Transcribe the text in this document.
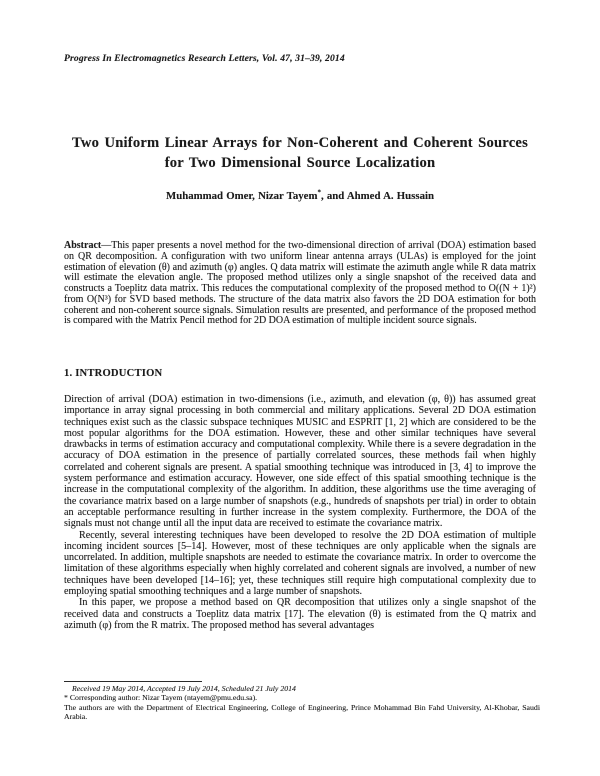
Progress In Electromagnetics Research Letters, Vol. 47, 31–39, 2014
Two Uniform Linear Arrays for Non-Coherent and Coherent Sources
for Two Dimensional Source Localization
Muhammad Omer, Nizar Tayem*, and Ahmed A. Hussain
Abstract—This paper presents a novel method for the two-dimensional direction of arrival (DOA) estimation based on QR decomposition. A configuration with two uniform linear antenna arrays (ULAs) is employed for the joint estimation of elevation (θ) and azimuth (φ) angles. Q data matrix will estimate the azimuth angle while R data matrix will estimate the elevation angle. The proposed method utilizes only a single snapshot of the received data and constructs a Toeplitz data matrix. This reduces the computational complexity of the proposed method to O((N + 1)²) from O(N³) for SVD based methods. The structure of the data matrix also favors the 2D DOA estimation for both coherent and non-coherent source signals. Simulation results are presented, and performance of the proposed method is compared with the Matrix Pencil method for 2D DOA estimation of multiple incident source signals.
1. INTRODUCTION

Direction of arrival (DOA) estimation in two-dimensions (i.e., azimuth, and elevation (φ, θ)) has assumed great importance in array signal processing in both commercial and military applications. Several 2D DOA estimation techniques exist such as the classic subspace techniques MUSIC and ESPRIT [1, 2] which are considered to be the most popular algorithms for the DOA estimation. However, these and other similar techniques have several drawbacks in terms of estimation accuracy and computational complexity. While there is a severe degradation in the accuracy of DOA estimation in the presence of partially correlated sources, these methods fail when highly correlated and coherent signals are present. A spatial smoothing technique was introduced in [3, 4] to improve the system performance and estimation accuracy. However, one side effect of this spatial smoothing technique is the increase in the computational complexity of the algorithm. In addition, these algorithms use the time averaging of the covariance matrix based on a large number of snapshots (e.g., hundreds of snapshots per trial) in order to obtain an acceptable performance resulting in further increase in the system complexity. Furthermore, the DOA of the signals must not change until all the input data are received to estimate the covariance matrix.

Recently, several interesting techniques have been developed to resolve the 2D DOA estimation of multiple incoming incident sources [5–14]. However, most of these techniques are only applicable when the signals are uncorrelated. In addition, multiple snapshots are needed to estimate the covariance matrix. In order to overcome the limitation of these algorithms especially when highly correlated and coherent signals are involved, a number of new techniques have been developed [14–16]; yet, these techniques still require high computational complexity due to employing spatial smoothing techniques and a large number of snapshots.

In this paper, we propose a method based on QR decomposition that utilizes only a single snapshot of the received data and constructs a Toeplitz data matrix [17]. The elevation (θ) is estimated from the Q matrix and azimuth (φ) from the R matrix. The proposed method has several advantages

Received 19 May 2014, Accepted 19 July 2014, Scheduled 21 July 2014
* Corresponding author: Nizar Tayem (ntayem@pmu.edu.sa).
The authors are with the Department of Electrical Engineering, College of Engineering, Prince Mohammad Bin Fahd University, Al-Khobar, Saudi Arabia.
